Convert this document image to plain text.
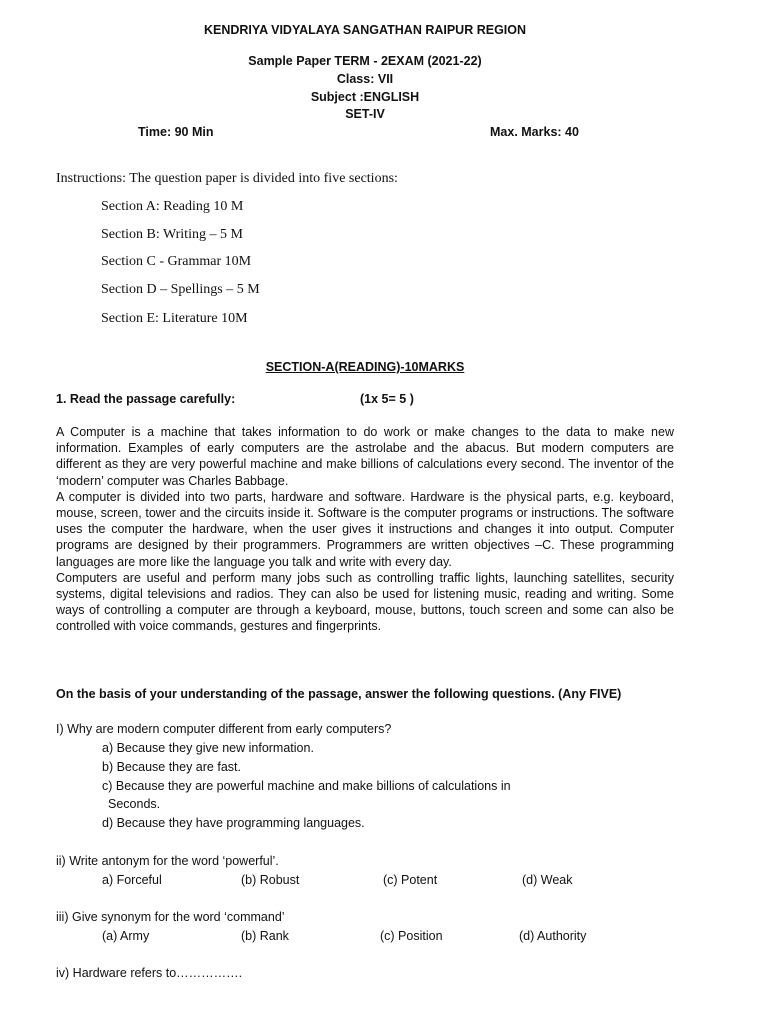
KENDRIYA VIDYALAYA SANGATHAN RAIPUR REGION
Sample Paper TERM - 2EXAM (2021-22)
Class: VII
Subject :ENGLISH
SET-IV
Time: 90 Min	Max. Marks: 40
Instructions: The question paper is divided into five sections:
Section A: Reading 10 M
Section B: Writing – 5 M
Section C - Grammar 10M
Section D – Spellings – 5 M
Section E: Literature 10M
SECTION-A(READING)-10MARKS
1. Read the passage carefully:	(1x 5= 5 )

A Computer is a machine that takes information to do work or make changes to the data to make new information. Examples of early computers are the astrolabe and the abacus. But modern computers are different as they are very powerful machine and make billions of calculations every second. The inventor of the ‘modern’ computer was Charles Babbage.

A computer is divided into two parts, hardware and software. Hardware is the physical parts, e.g. keyboard, mouse, screen, tower and the circuits inside it. Software is the computer programs or instructions. The software uses the computer the hardware, when the user gives it instructions and changes it into output. Computer programs are designed by their programmers. Programmers are written objectives –C. These programming languages are more like the language you talk and write with every day.

Computers are useful and perform many jobs such as controlling traffic lights, launching satellites, security systems, digital televisions and radios. They can also be used for listening music, reading and writing. Some ways of controlling a computer are through a keyboard, mouse, buttons, touch screen and some can also be controlled with voice commands, gestures and fingerprints.

On the basis of your understanding of the passage, answer the following questions. (Any FIVE)
I) Why are modern computer different from early computers?
a) Because they give new information.
b) Because they are fast.
c) Because they are powerful machine and make billions of calculations in
Seconds.
d) Because they have programming languages.
ii) Write antonym for the word ‘powerful’.
a) Forceful	(b) Robust	(c) Potent	(d) Weak
iii) Give synonym for the word ‘command’
(a) Army	(b) Rank	(c) Position	(d) Authority
iv) Hardware refers to…………….
